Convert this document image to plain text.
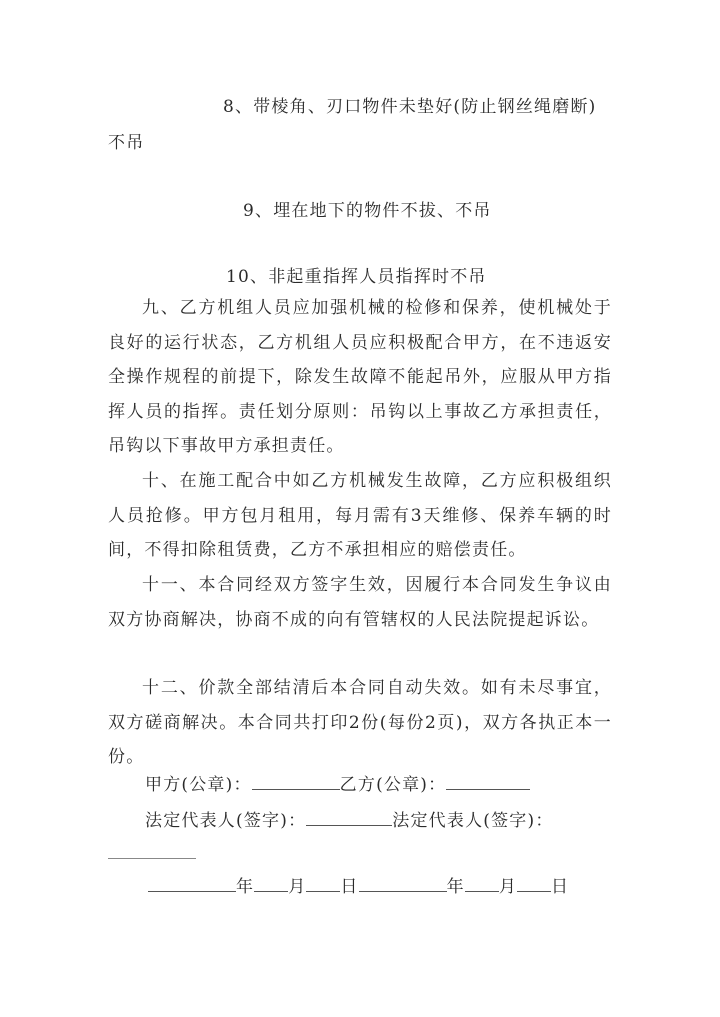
8、带棱角、刃口物件未垫好(防止钢丝绳磨断)
不吊
9、埋在地下的物件不拔、不吊
10、非起重指挥人员指挥时不吊
九、乙方机组人员应加强机械的检修和保养，使机械处于良好的运行状态，乙方机组人员应积极配合甲方，在不违返安全操作规程的前提下，除发生故障不能起吊外，应服从甲方指挥人员的指挥。责任划分原则：吊钩以上事故乙方承担责任，吊钩以下事故甲方承担责任。
十、在施工配合中如乙方机械发生故障，乙方应积极组织人员抢修。甲方包月租用，每月需有3天维修、保养车辆的时间，不得扣除租赁费，乙方不承担相应的赔偿责任。
十一、本合同经双方签字生效，因履行本合同发生争议由双方协商解决，协商不成的向有管辖权的人民法院提起诉讼。
十二、价款全部结清后本合同自动失效。如有未尽事宜，双方磋商解决。本合同共打印2份(每份2页)，双方各执正本一份。
甲方(公章)：	乙方(公章)：
法定代表人(签字)：	法定代表人(签字)：
年 月 日	年 月 日
